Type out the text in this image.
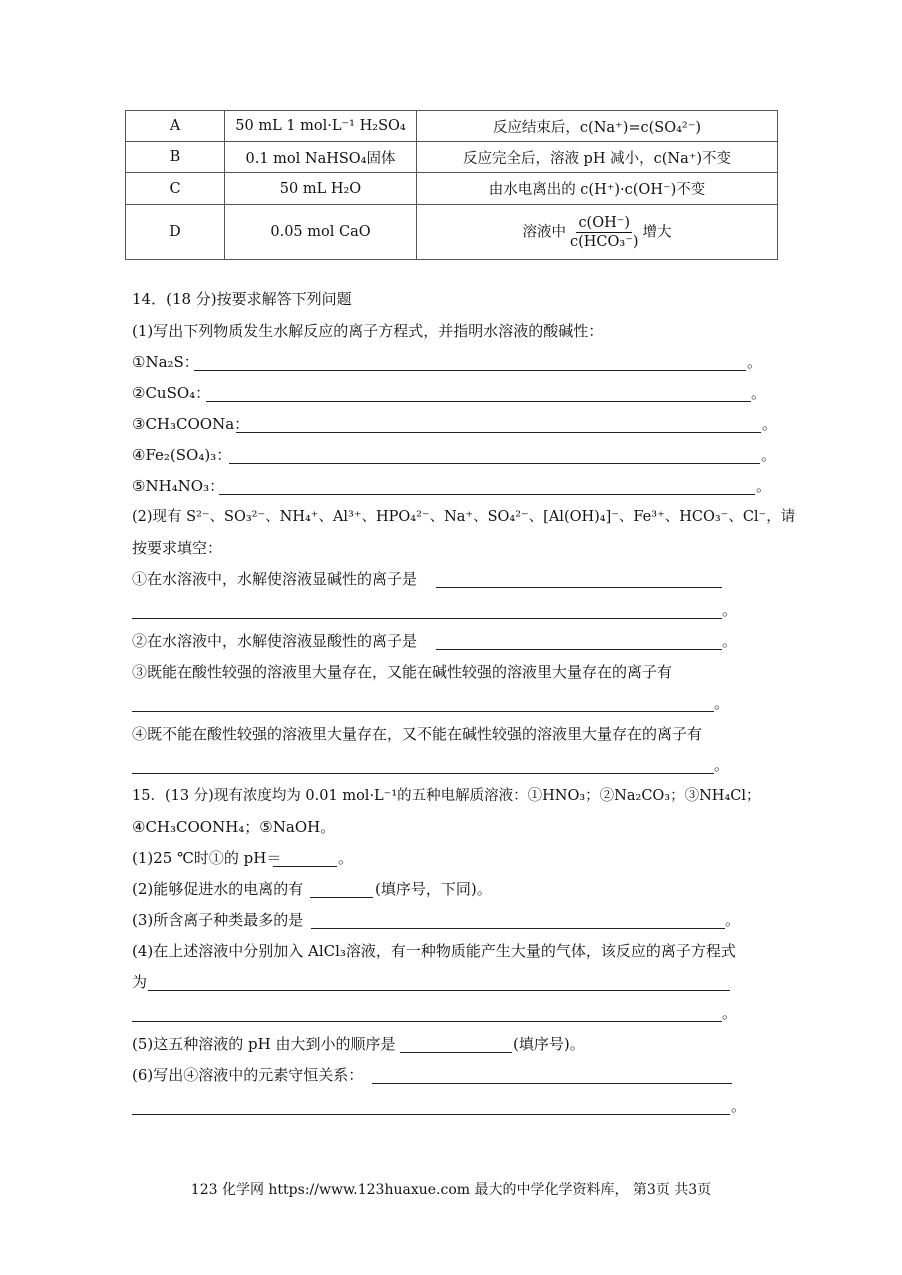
A	50 mL 1 mol·L⁻¹ H₂SO₄	反应结束后，c(Na⁺)=c(SO₄²⁻)
B	0.1 mol NaHSO₄固体	反应完全后，溶液 pH 减小，c(Na⁺)不变
C	50 mL H₂O	由水电离出的 c(H⁺)·c(OH⁻)不变
D	0.05 mol CaO	溶液中 $\frac{c(OH^-)}{\text{c(HCO₃⁻)}}$ 增大
14．(18 分)按要求解答下列问题
(1)写出下列物质发生水解反应的离子方程式，并指明水溶液的酸碱性：
①Na₂S：	。
②CuSO₄：	。
③CH₃COONa：	。
④Fe₂(SO₄)₃：	。
⑤NH₄NO₃：	。
(2)现有 S²⁻、SO₃²⁻、NH₄⁺、Al³⁺、HPO₄²⁻、Na⁺、SO₄²⁻、[Al(OH)₄]⁻、Fe³⁺、HCO₃⁻、Cl⁻，请
按要求填空：
①在水溶液中，水解使溶液显碱性的离子是
。
②在水溶液中，水解使溶液显酸性的离子是	。
③既能在酸性较强的溶液里大量存在，又能在碱性较强的溶液里大量存在的离子有
。
④既不能在酸性较强的溶液里大量存在，又不能在碱性较强的溶液里大量存在的离子有
。
15．(13 分)现有浓度均为 0.01 mol·L⁻¹的五种电解质溶液：①HNO₃；②Na₂CO₃；③NH₄Cl；
④CH₃COONH₄；⑤NaOH。
(1)25 ℃时①的 pH＝	。
(2)能够促进水的电离的有	(填序号，下同)。
(3)所含离子种类最多的是	。
(4)在上述溶液中分别加入 AlCl₃溶液，有一种物质能产生大量的气体，该反应的离子方程式
为
。
(5)这五种溶液的 pH 由大到小的顺序是	(填序号)。
(6)写出④溶液中的元素守恒关系：
。
123 化学网 https://www.123huaxue.com 最大的中学化学资料库， 第3页 共3页
